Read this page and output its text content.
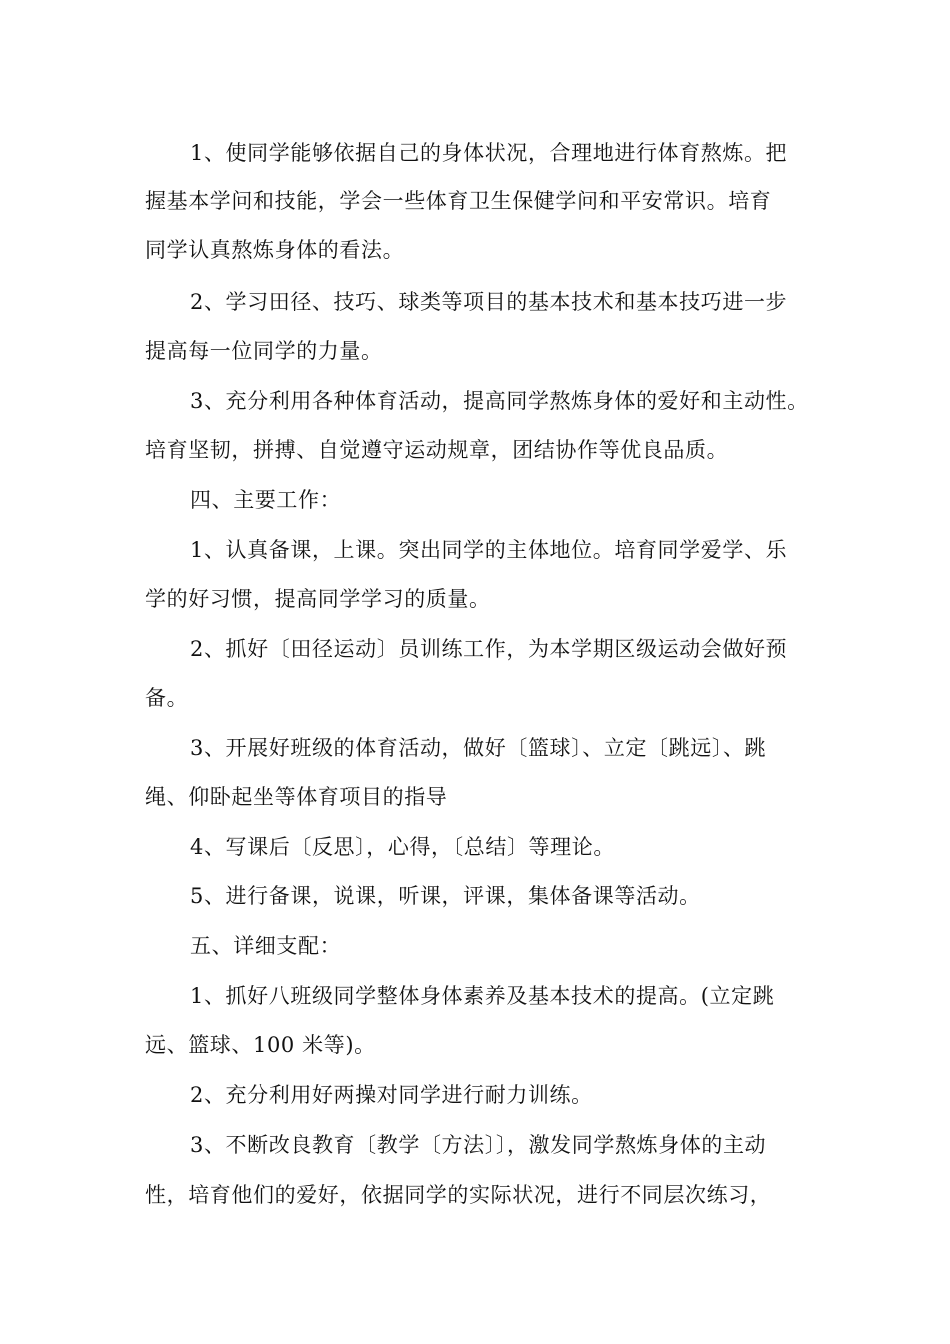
1、使同学能够依据自己的身体状况，合理地进行体育熬炼。把
握基本学问和技能，学会一些体育卫生保健学问和平安常识。培育
同学认真熬炼身体的看法。
2、学习田径、技巧、球类等项目的基本技术和基本技巧进一步
提高每一位同学的力量。
3、充分利用各种体育活动，提高同学熬炼身体的爱好和主动性。
培育坚韧，拼搏、自觉遵守运动规章，团结协作等优良品质。
四、主要工作：
1、认真备课，上课。突出同学的主体地位。培育同学爱学、乐
学的好习惯，提高同学学习的质量。
2、抓好〔田径运动〕员训练工作，为本学期区级运动会做好预
备。
3、开展好班级的体育活动，做好〔篮球〕、立定〔跳远〕、跳
绳、仰卧起坐等体育项目的指导
4、写课后〔反思〕，心得，〔总结〕等理论。
5、进行备课，说课，听课，评课，集体备课等活动。
五、详细支配：
1、抓好八班级同学整体身体素养及基本技术的提高。(立定跳
远、篮球、100 米等)。
2、充分利用好两操对同学进行耐力训练。
3、不断改良教育〔教学〔方法〕〕，激发同学熬炼身体的主动
性，培育他们的爱好，依据同学的实际状况，进行不同层次练习，
